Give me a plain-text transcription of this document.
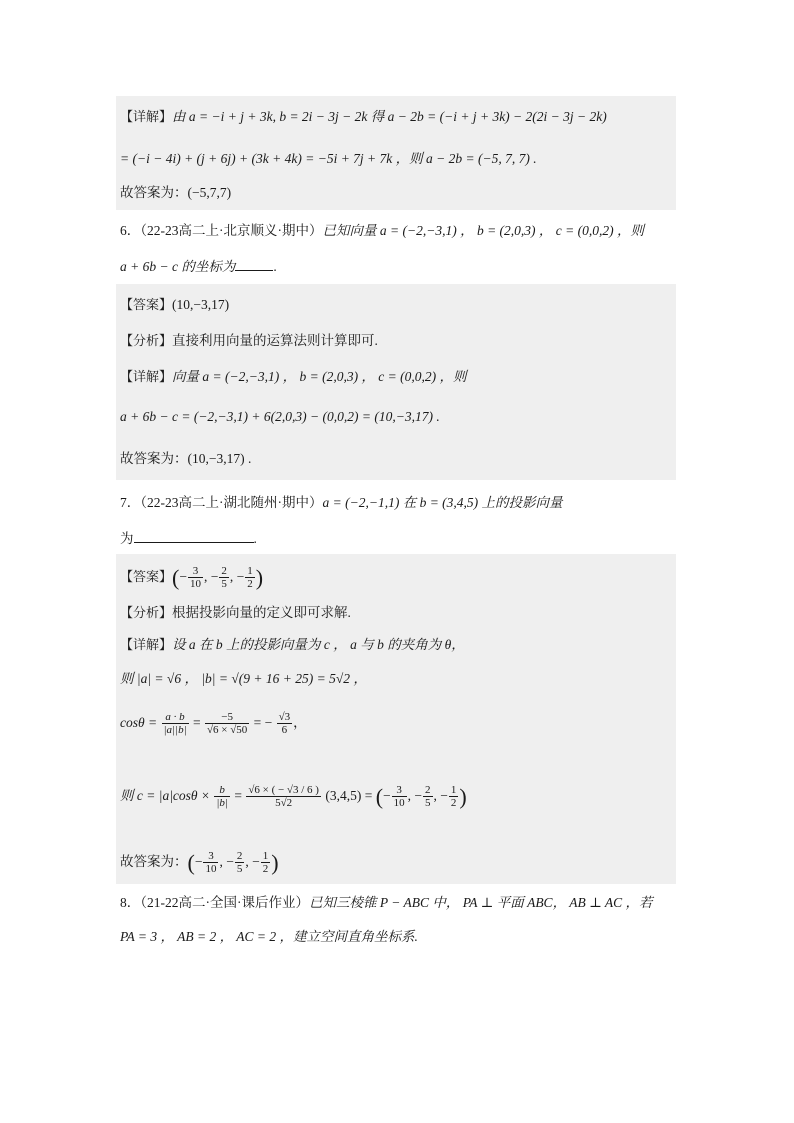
【详解】由 a = −i + j + 3k, b = 2i − 3j − 2k 得 a − 2b = (−i + j + 3k) − 2(2i − 3j − 2k)
= (−i − 4i) + (j + 6j) + (3k + 4k) = −5i + 7j + 7k ，则 a − 2b = (−5, 7, 7) .
故答案为：(−5,7,7)
6．（22-23高二上·北京顺义·期中）已知向量 a = (−2,−3,1) ， b = (2,0,3) ， c = (0,0,2) ，则
a + 6b − c 的坐标为	.
【答案】(10,−3,17)
【分析】直接利用向量的运算法则计算即可.
【详解】向量 a = (−2,−3,1) ， b = (2,0,3) ， c = (0,0,2) ，则
a + 6b − c = (−2,−3,1) + 6(2,0,3) − (0,0,2) = (10,−3,17) .
故答案为：(10,−3,17) .
7．（22-23高二上·湖北随州·期中）a = (−2,−1,1) 在 b = (3,4,5) 上的投影向量
为	.
【答案】(− $\frac{3}{10}$ , − $\frac{2}{5}$ , − $\frac{1}{2}$ )
【分析】根据投影向量的定义即可求解.
【详解】设 a 在 b 上的投影向量为 c ， a 与 b 的夹角为 θ，
则 |a| = √6 ， |b| = √(9 + 16 + 25) = 5√2 ，
$\cos\theta = \frac{a \cdot b}{|a||b|} = \frac{-5}{√6 \times √50}$ = − $\frac{√3}{6}$ ，
则 $c = |a|\cos\theta \times \frac{b}{|b|} = \frac{√6 \times ( - √3 / 6 )}{5√2} (3,4,5)$ = (− $\frac{3}{10}$ , − $\frac{2}{5}$ , − $\frac{1}{2}$ )
故答案为：(− $\frac{3}{10}$ , − $\frac{2}{5}$ , − $\frac{1}{2}$ )
8．（21-22高二·全国·课后作业）已知三棱锥 P − ABC 中， PA ⊥ 平面 ABC， AB ⊥ AC ，若
PA = 3 ， AB = 2 ， AC = 2 ，建立空间直角坐标系.
